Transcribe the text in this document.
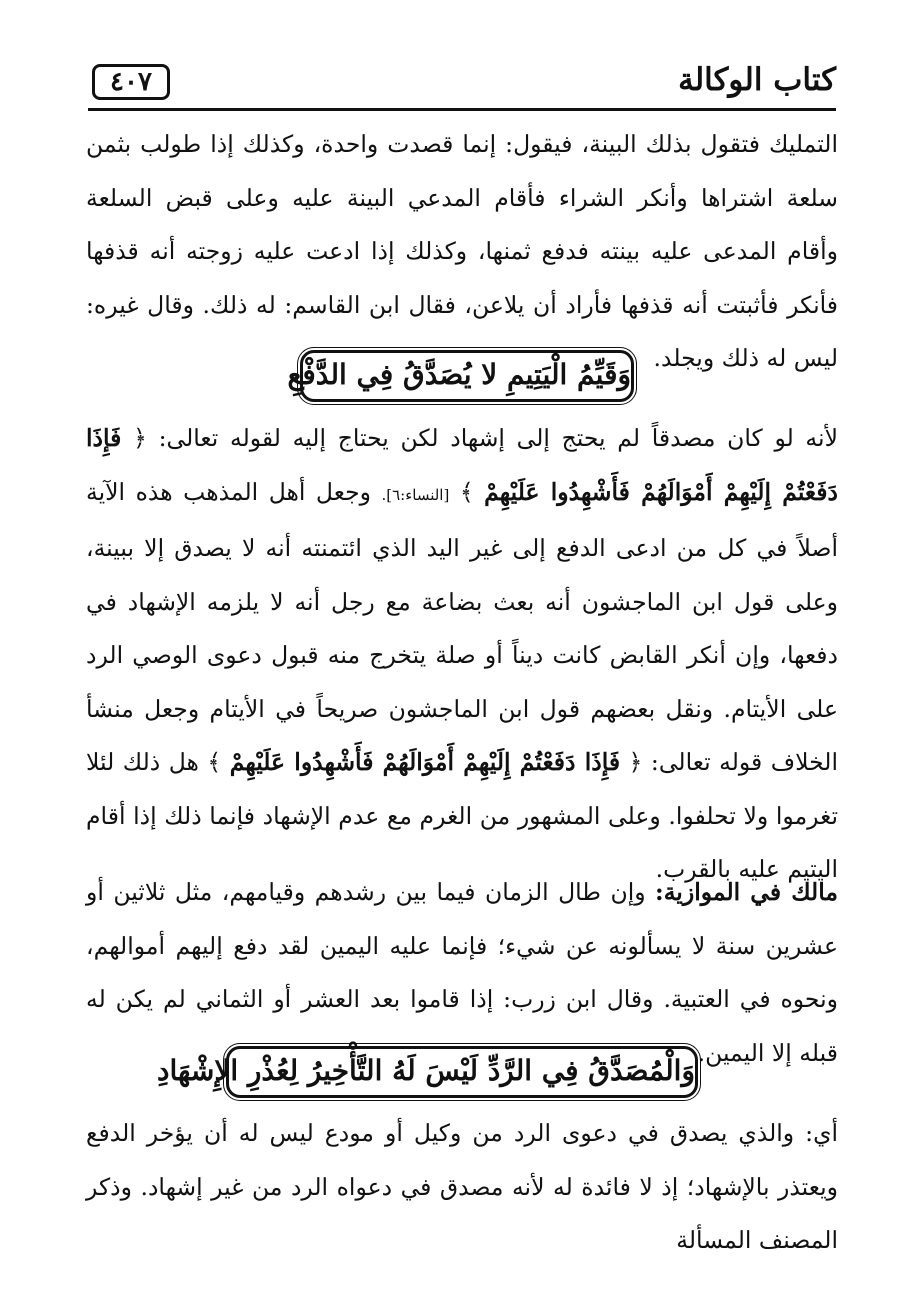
كتاب الوكالة
٤٠٧

التمليك فتقول بذلك البينة، فيقول: إنما قصدت واحدة، وكذلك إذا طولب بثمن سلعة اشتراها وأنكر الشراء فأقام المدعي البينة عليه وعلى قبض السلعة وأقام المدعى عليه بينته فدفع ثمنها، وكذلك إذا ادعت عليه زوجته أنه قذفها فأنكر فأثبتت أنه قذفها فأراد أن يلاعن، فقال ابن القاسم: له ذلك. وقال غيره: ليس له ذلك ويجلد.

وَقَيِّمُ الْيَتِيمِ لا يُصَدَّقُ فِي الدَّفْعِ

لأنه لو كان مصدقاً لم يحتج إلى إشهاد لكن يحتاج إليه لقوله تعالى: ﴿ فَإِذَا دَفَعْتُمْ إِلَيْهِمْ أَمْوَالَهُمْ فَأَشْهِدُوا عَلَيْهِمْ ﴾ [النساء:٦]. وجعل أهل المذهب هذه الآية أصلاً في كل من ادعى الدفع إلى غير اليد الذي ائتمنته أنه لا يصدق إلا ببينة، وعلى قول ابن الماجشون أنه بعث بضاعة مع رجل أنه لا يلزمه الإشهاد في دفعها، وإن أنكر القابض كانت ديناً أو صلة يتخرج منه قبول دعوى الوصي الرد على الأيتام. ونقل بعضهم قول ابن الماجشون صريحاً في الأيتام وجعل منشأ الخلاف قوله تعالى: ﴿ فَإِذَا دَفَعْتُمْ إِلَيْهِمْ أَمْوَالَهُمْ فَأَشْهِدُوا عَلَيْهِمْ ﴾ هل ذلك لئلا تغرموا ولا تحلفوا. وعلى المشهور من الغرم مع عدم الإشهاد فإنما ذلك إذا أقام اليتيم عليه بالقرب.

مالك في الموازية: وإن طال الزمان فيما بين رشدهم وقيامهم، مثل ثلاثين أو عشرين سنة لا يسألونه عن شيء؛ فإنما عليه اليمين لقد دفع إليهم أموالهم، ونحوه في العتبية. وقال ابن زرب: إذا قاموا بعد العشر أو الثماني لم يكن له قبله إلا اليمين.

وَالْمُصَدَّقُ فِي الرَّدِّ لَيْسَ لَهُ التَّأْخِيرُ لِعُذْرِ الإِشْهَادِ

أي: والذي يصدق في دعوى الرد من وكيل أو مودع ليس له أن يؤخر الدفع ويعتذر بالإشهاد؛ إذ لا فائدة له لأنه مصدق في دعواه الرد من غير إشهاد. وذكر المصنف المسألة
